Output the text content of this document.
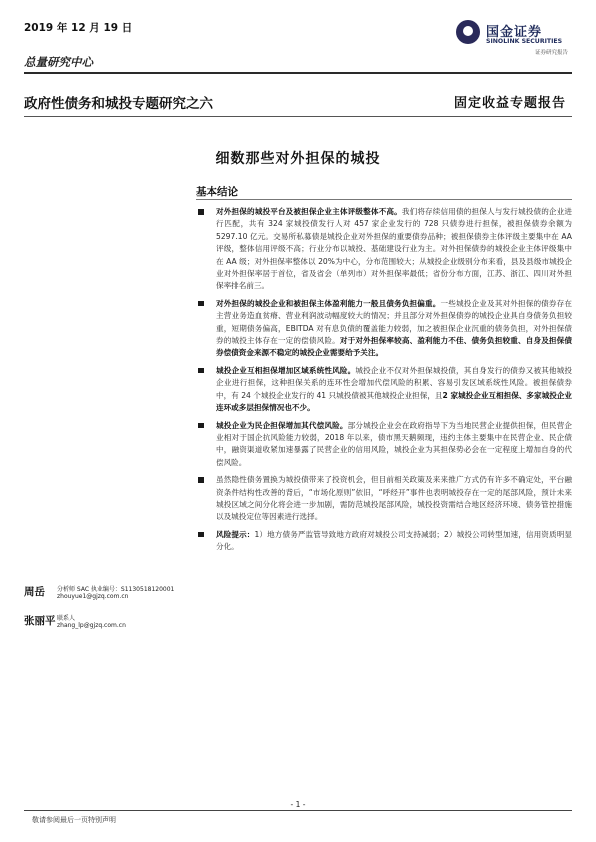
2019 年 12 月 19 日
总量研究中心
国金证券
SINOLINK SECURITIES
证券研究报告
政府性债务和城投专题研究之六	固定收益专题报告
细数那些对外担保的城投
基本结论
对外担保的城投平台及被担保企业主体评级整体不高。我们将存续信用债的担保人与发行城投债的企业进行匹配，共有 324 家城投债发行人对 457 家企业发行的 728 只债券进行担保，被担保债券余额为 5297.10 亿元。交易所私募债是城投企业对外担保的重要债券品种；被担保债券主体评级主要集中在 AA 评级，整体信用评级不高；行业分布以城投、基础建设行业为主。对外担保债券的城投企业主体评级集中在 AA 级；对外担保率整体以 20%为中心，分布范围较大；从城投企业级别分布来看，县及县级市城投企业对外担保率居于首位，省及省会（单列市）对外担保率最低；省份分布方面，江苏、浙江、四川对外担保率排名前三。
对外担保的城投企业和被担保主体盈利能力一般且债务负担偏重。一些城投企业及其对外担保的债券存在主营业务造血贫瘠、营业利润波动幅度较大的情况；并且部分对外担保债券的城投企业具自身债务负担较重，短期债务偏高，EBITDA 对有息负债的覆盖能力较弱，加之被担保企业沉重的债务负担，对外担保债券的城投主体存在一定的偿债风险。对于对外担保率较高、盈利能力不佳、债务负担较重、自身及担保债券偿债资金来源不稳定的城投企业需要给予关注。
城投企业互相担保增加区域系统性风险。城投企业不仅对外担保城投债，其自身发行的债券又被其他城投企业进行担保，这种担保关系的连环性会增加代偿风险的积累、容易引发区域系统性风险。被担保债券中，有 24 个城投企业发行的 41 只城投债被其他城投企业担保，且2 家城投企业互相担保、多家城投企业连环或多层担保情况也不少。
城投企业为民企担保增加其代偿风险。部分城投企业会在政府指导下为当地民营企业提供担保，但民营企业相对于国企抗风险能力较弱，2018 年以来，债市黑天鹅频现，违约主体主要集中在民营企业、民企债中，融资渠道收紧加速暴露了民营企业的信用风险，城投企业为其担保势必会在一定程度上增加自身的代偿风险。
虽然隐性债务置换为城投债带来了投资机会，但目前相关政策及来来推广方式仍有许多不确定处，平台融资条件结构性改善的背后，“市场化原则”依旧，“呼经开”事件也表明城投存在一定的尾部风险，预计未来城投区域之间分化将会进一步加剧，需防范城投尾部风险，城投投资需结合地区经济环境、债务管控措施以及城投定位等因素进行选择。
风险提示：1）地方债务严监管导致地方政府对城投公司支持减弱；2）城投公司转型加速，信用资质明显分化。
周岳 分析师 SAC 执业编号：S1130518120001
zhouyue1@gjzq.com.cn
张丽平 联系人
zhang_lp@gjzq.com.cn
- 1 -
敬请参阅最后一页特别声明
